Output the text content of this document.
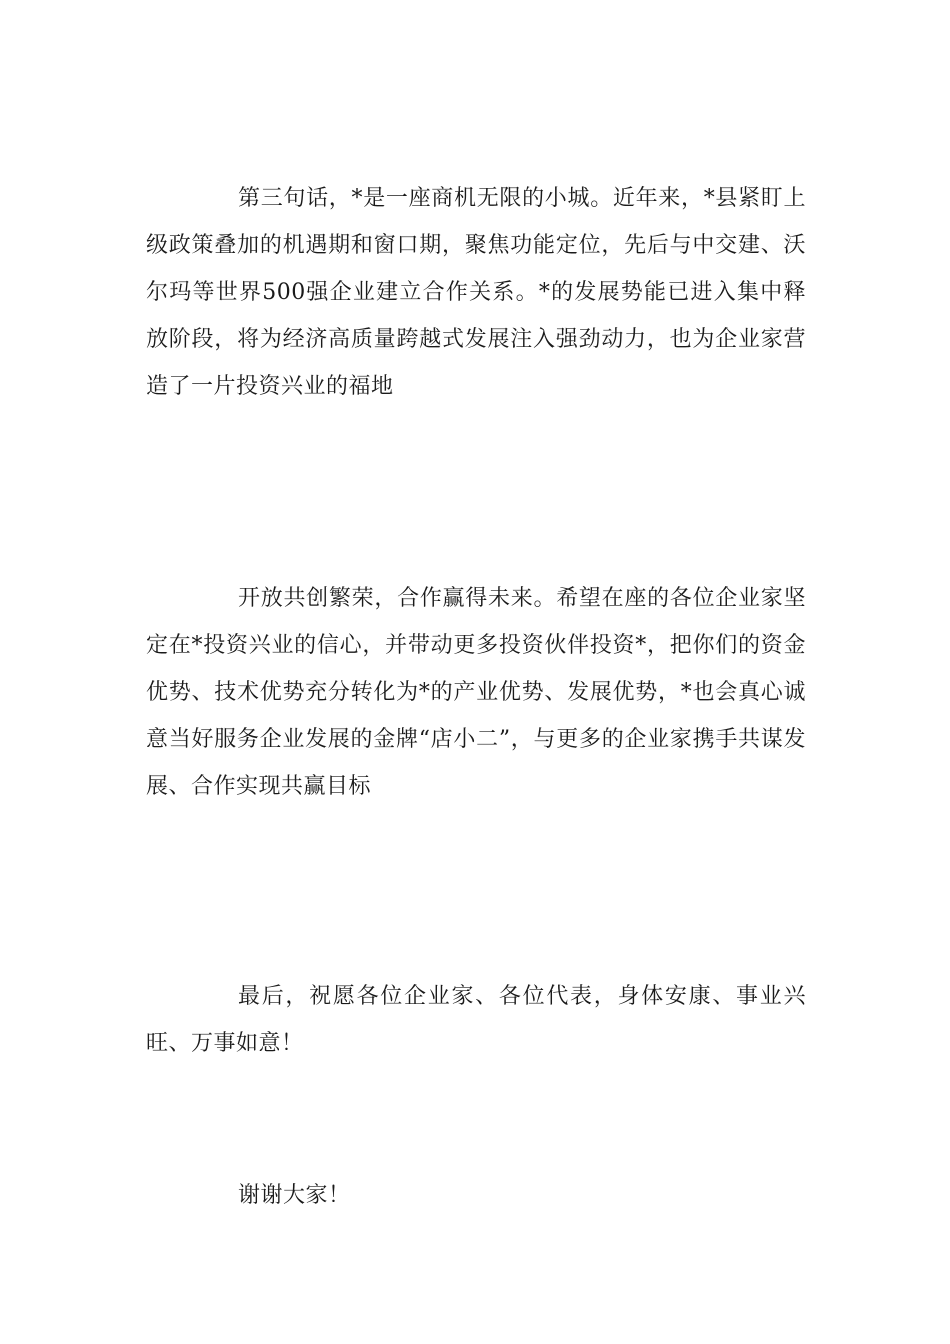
第三句话，*是一座商机无限的小城。近年来，*县紧盯上级政策叠加的机遇期和窗口期，聚焦功能定位，先后与中交建、沃尔玛等世界500强企业建立合作关系。*的发展势能已进入集中释放阶段，将为经济高质量跨越式发展注入强劲动力，也为企业家营造了一片投资兴业的福地

开放共创繁荣，合作赢得未来。希望在座的各位企业家坚定在*投资兴业的信心，并带动更多投资伙伴投资*，把你们的资金优势、技术优势充分转化为*的产业优势、发展优势，*也会真心诚意当好服务企业发展的金牌“店小二”，与更多的企业家携手共谋发展、合作实现共赢目标

最后，祝愿各位企业家、各位代表，身体安康、事业兴旺、万事如意！

谢谢大家！
